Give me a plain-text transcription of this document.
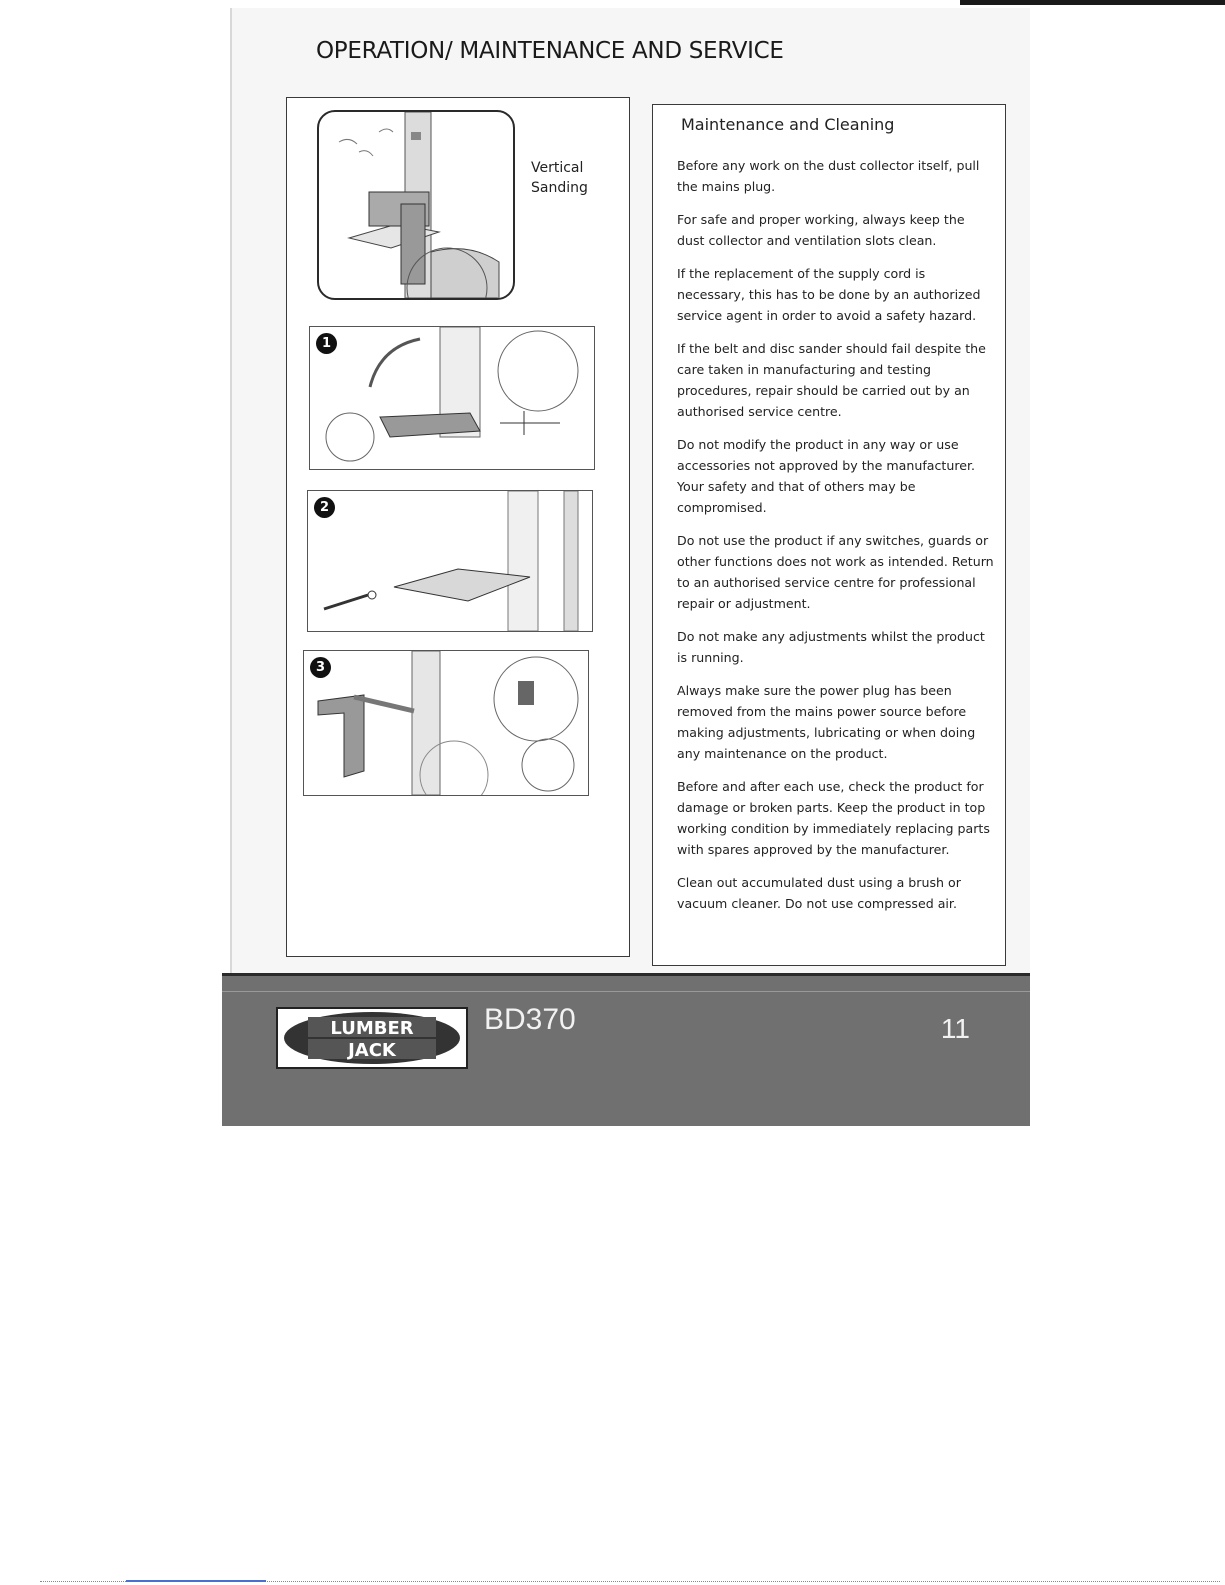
OPERATION/ MAINTENANCE AND SERVICE
Vertical
Sanding
1
2
3
Maintenance and Cleaning

Before any work on the dust collector itself, pull the mains plug.

For safe and proper working, always keep the dust collector and ventilation slots clean.

If the replacement of the supply cord is necessary, this has to be done by an authorized service agent in order to avoid a safety hazard.

If the belt and disc sander should fail despite the care taken in manufacturing and testing procedures, repair should be carried out by an authorised service centre.

Do not modify the product in any way or use accessories not approved by the manufacturer. Your safety and that of others may be compromised.

Do not use the product if any switches, guards or other functions does not work as intended. Return to an authorised service centre for professional repair or adjustment.

Do not make any adjustments whilst the product is running.

Always make sure the power plug has been removed from the mains power source before making adjustments, lubricating or when doing any maintenance on the product.

Before and after each use, check the product for damage or broken parts. Keep the product in top working condition by immediately replacing parts with spares approved by the manufacturer.

Clean out accumulated dust using a brush or vacuum cleaner. Do not use compressed air.

LUMBER
JACK
BD370	11
